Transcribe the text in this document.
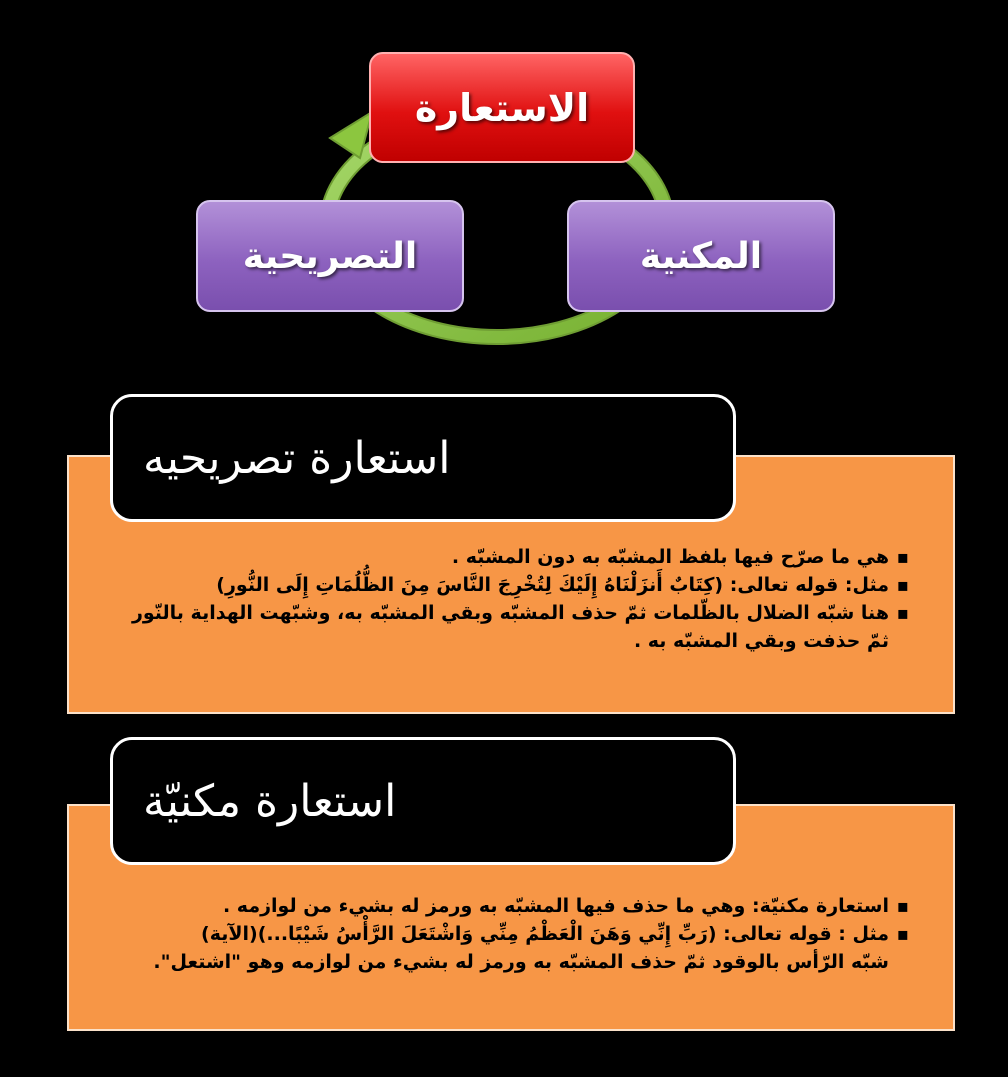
الاستعارة
التصريحية	المكنية
▪ هي ما صرّح فيها بلفظ المشبّه به دون المشبّه .
▪ مثل: قوله تعالى: (كِتَابٌ أَنزَلْنَاهُ إِلَيْكَ لِتُخْرِجَ النَّاسَ مِنَ الظُّلُمَاتِ إِلَى النُّورِ)
▪ هنا شبّه الضلال بالظّلمات ثمّ حذف المشبّه وبقي المشبّه به، وشبّهت الهداية بالنّور
ثمّ حذفت وبقي المشبّه به .
استعارة تصريحيه
▪ استعارة مكنيّة: وهي ما حذف فيها المشبّه به ورمز له بشيء من لوازمه .
▪ مثل : قوله تعالى: (رَبِّ إِنِّي وَهَنَ الْعَظْمُ مِنِّي وَاشْتَعَلَ الرَّأْسُ شَيْبًا...)(الآية)
شبّه الرّأس بالوقود ثمّ حذف المشبّه به ورمز له بشيء من لوازمه وهو "اشتعل".
استعارة مكنيّة
